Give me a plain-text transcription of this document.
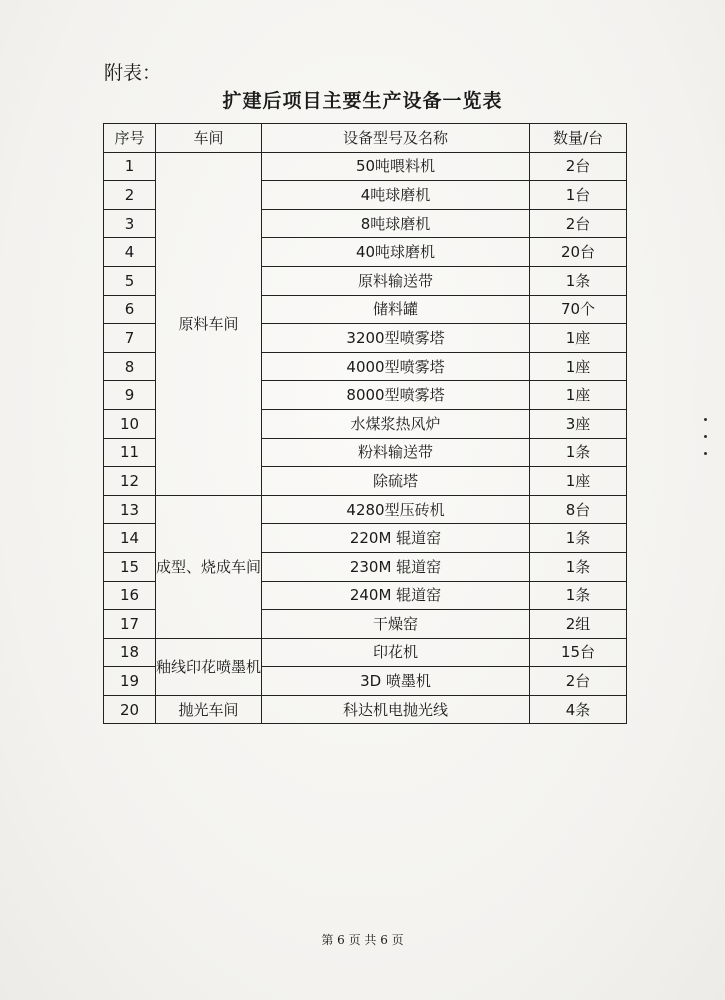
附表：
扩建后项目主要生产设备一览表
序号	车间	设备型号及名称	数量/台
1	原料车间	50吨喂料机	2台
2		4吨球磨机	1台
3		8吨球磨机	2台
4		40吨球磨机	20台
5		原料输送带	1条
6		储料罐	70个
7		3200型喷雾塔	1座
8		4000型喷雾塔	1座
9		8000型喷雾塔	1座
10		水煤浆热风炉	3座
11		粉料输送带	1条
12		除硫塔	1座
13	成型、烧成车间	4280型压砖机	8台
14		220M 辊道窑	1条
15		230M 辊道窑	1条
16		240M 辊道窑	1条
17		干燥窑	2组
18	釉线印花喷墨机	印花机	15台
19		3D 喷墨机	2台
20	抛光车间	科达机电抛光线	4条
第 6 页 共 6 页
